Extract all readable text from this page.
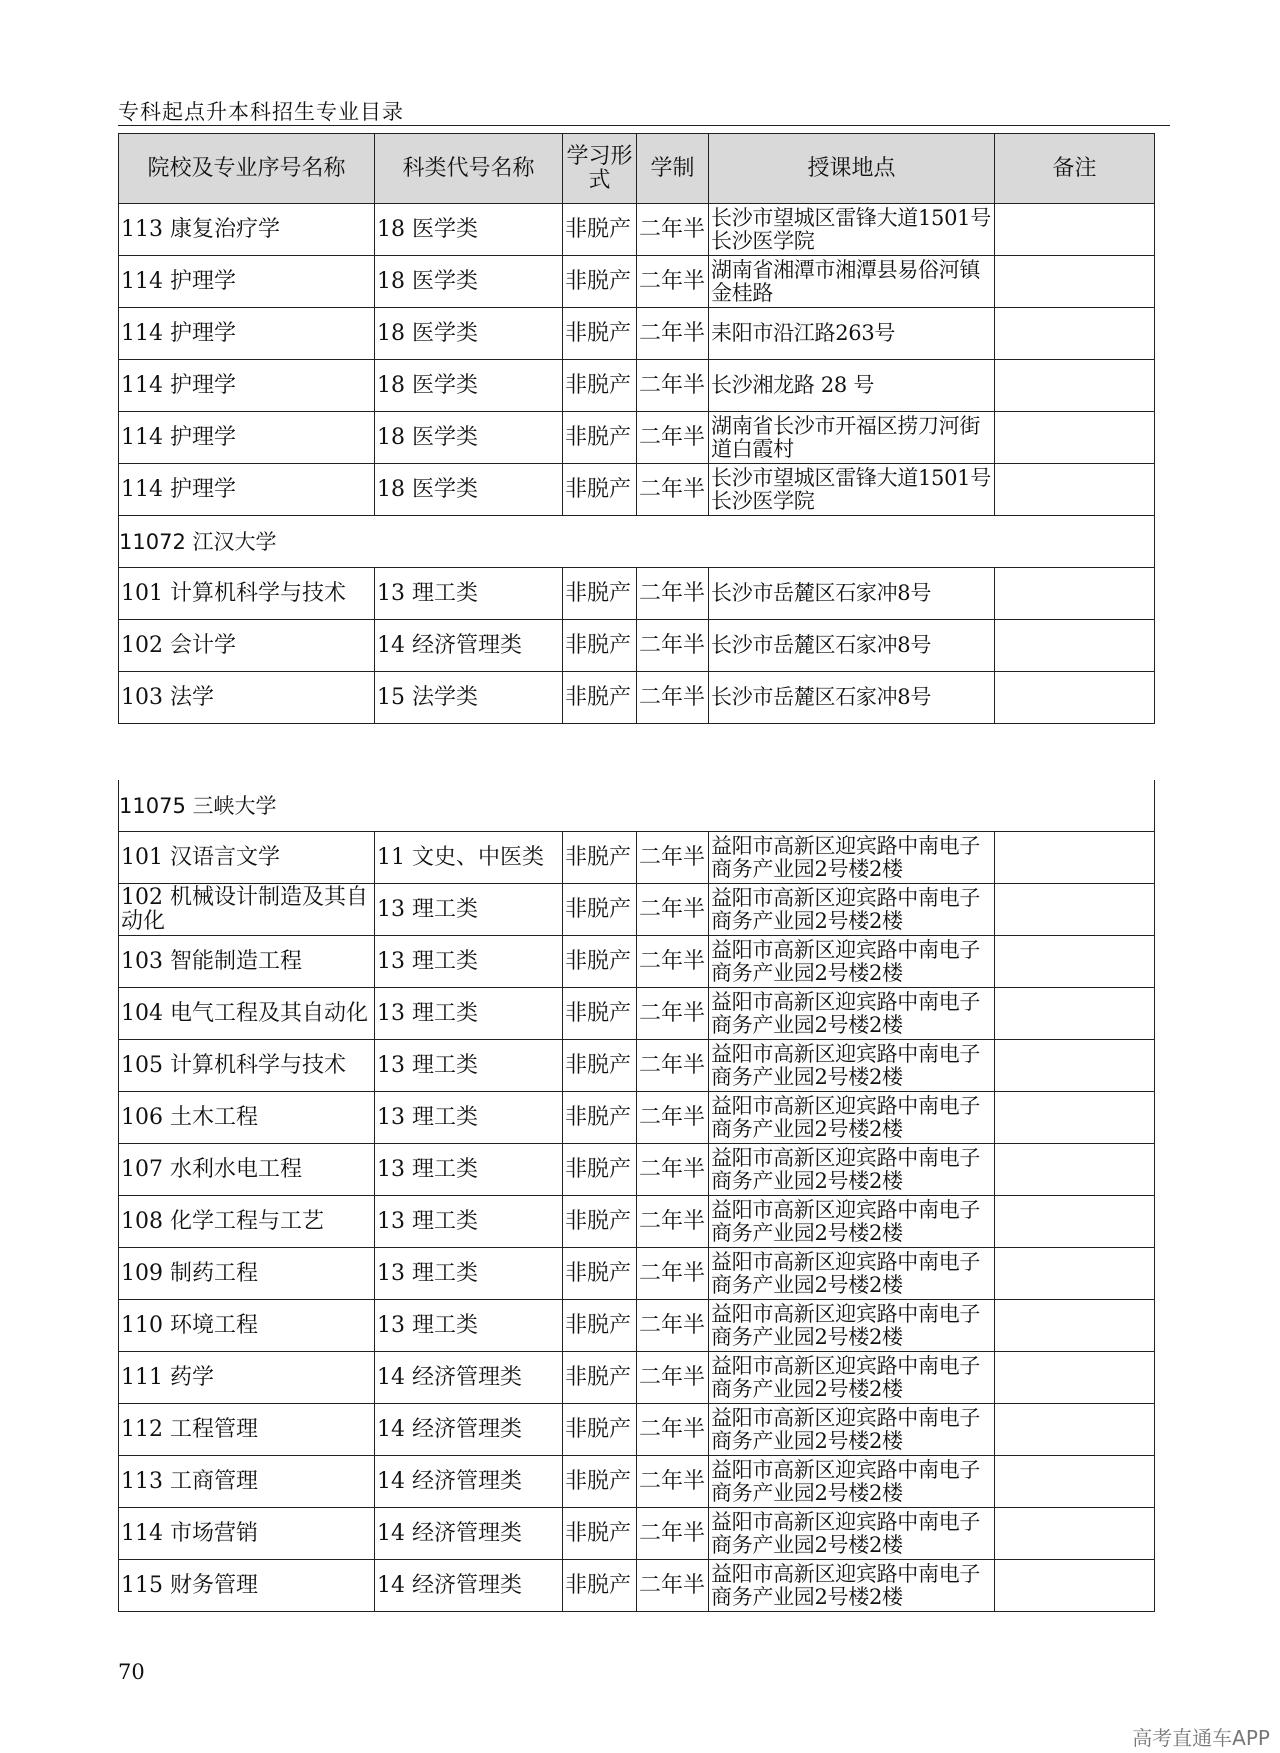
专科起点升本科招生专业目录
院校及专业序号名称	科类代号名称	学习形式	学制	授课地点	备注
113 康复治疗学	18 医学类	非脱产	二年半	长沙市望城区雷锋大道1501号长沙医学院	
114 护理学	18 医学类	非脱产	二年半	湖南省湘潭市湘潭县易俗河镇金桂路	
114 护理学	18 医学类	非脱产	二年半	耒阳市沿江路263号	
114 护理学	18 医学类	非脱产	二年半	长沙湘龙路 28 号	
114 护理学	18 医学类	非脱产	二年半	湖南省长沙市开福区捞刀河街道白霞村	
114 护理学	18 医学类	非脱产	二年半	长沙市望城区雷锋大道1501号长沙医学院	
11072 江汉大学					
101 计算机科学与技术	13 理工类	非脱产	二年半	长沙市岳麓区石家冲8号	
102 会计学	14 经济管理类	非脱产	二年半	长沙市岳麓区石家冲8号	
103 法学	15 法学类	非脱产	二年半	长沙市岳麓区石家冲8号	
11075 三峡大学					
101 汉语言文学	11 文史、中医类	非脱产	二年半	益阳市高新区迎宾路中南电子商务产业园2号楼2楼	
102 机械设计制造及其自动化	13 理工类	非脱产	二年半	益阳市高新区迎宾路中南电子商务产业园2号楼2楼	
103 智能制造工程	13 理工类	非脱产	二年半	益阳市高新区迎宾路中南电子商务产业园2号楼2楼	
104 电气工程及其自动化	13 理工类	非脱产	二年半	益阳市高新区迎宾路中南电子商务产业园2号楼2楼	
105 计算机科学与技术	13 理工类	非脱产	二年半	益阳市高新区迎宾路中南电子商务产业园2号楼2楼	
106 土木工程	13 理工类	非脱产	二年半	益阳市高新区迎宾路中南电子商务产业园2号楼2楼	
107 水利水电工程	13 理工类	非脱产	二年半	益阳市高新区迎宾路中南电子商务产业园2号楼2楼	
108 化学工程与工艺	13 理工类	非脱产	二年半	益阳市高新区迎宾路中南电子商务产业园2号楼2楼	
109 制药工程	13 理工类	非脱产	二年半	益阳市高新区迎宾路中南电子商务产业园2号楼2楼	
110 环境工程	13 理工类	非脱产	二年半	益阳市高新区迎宾路中南电子商务产业园2号楼2楼	
111 药学	14 经济管理类	非脱产	二年半	益阳市高新区迎宾路中南电子商务产业园2号楼2楼	
112 工程管理	14 经济管理类	非脱产	二年半	益阳市高新区迎宾路中南电子商务产业园2号楼2楼	
113 工商管理	14 经济管理类	非脱产	二年半	益阳市高新区迎宾路中南电子商务产业园2号楼2楼	
114 市场营销	14 经济管理类	非脱产	二年半	益阳市高新区迎宾路中南电子商务产业园2号楼2楼	
115 财务管理	14 经济管理类	非脱产	二年半	益阳市高新区迎宾路中南电子商务产业园2号楼2楼	
70
高考直通车APP
